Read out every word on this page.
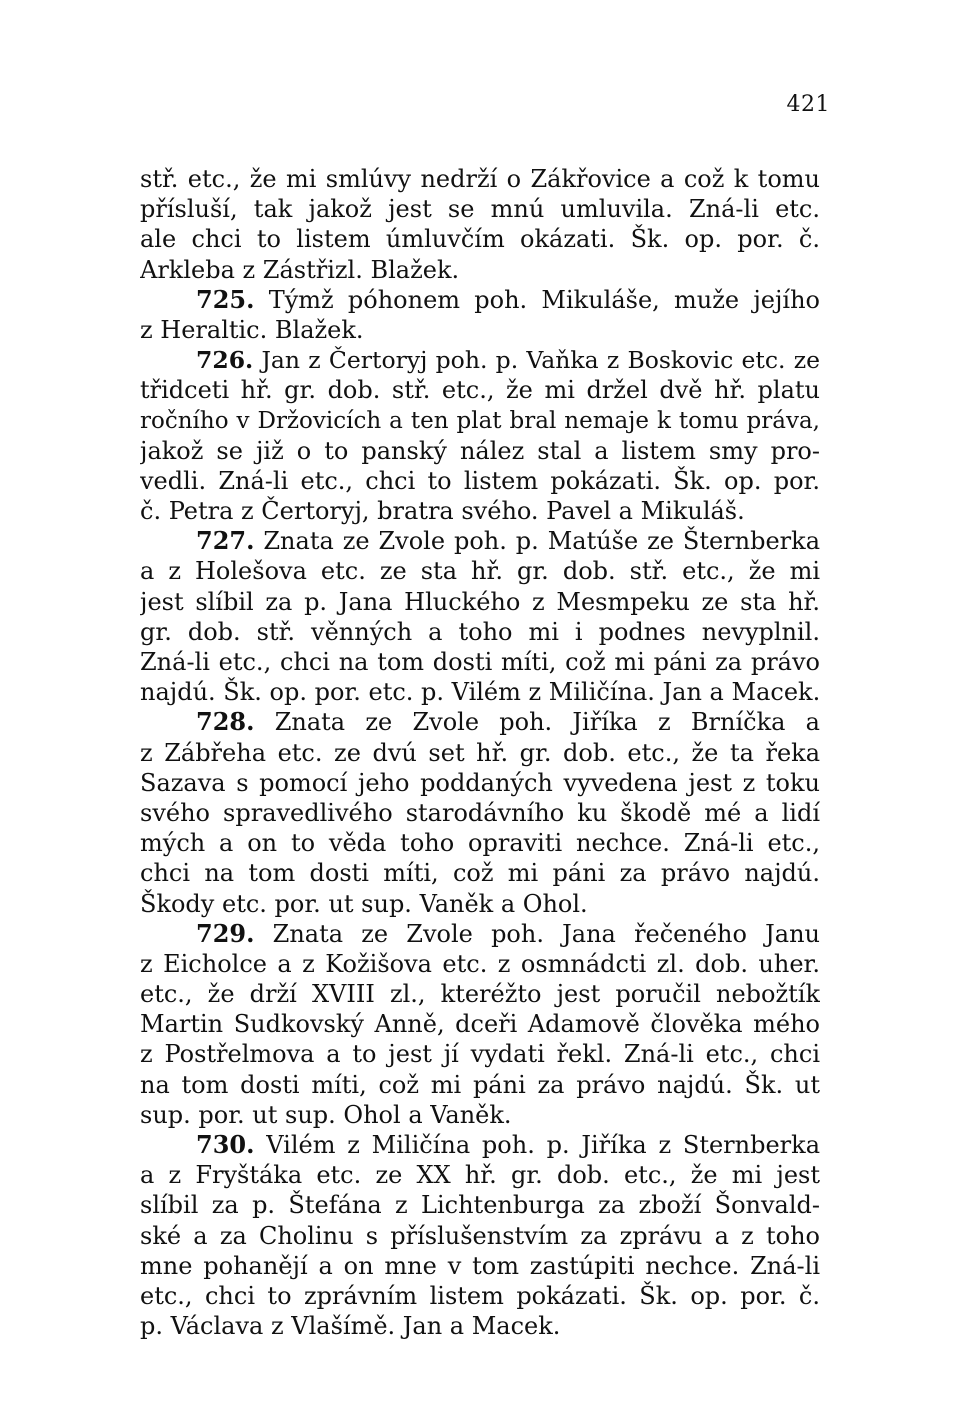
421
stř. etc., že mi smlúvy nedrží o Zákřovice a což k tomu
přísluší, tak jakož jest se mnú umluvila. Zná-li etc.
ale chci to listem úmluvčím okázati. Šk. op. por. č.
Arkleba z Zástřizl. Blažek.
725. Týmž póhonem poh. Mikuláše, muže jejího
z Heraltic. Blažek.
726. Jan z Čertoryj poh. p. Vaňka z Boskovic etc. ze
třidceti hř. gr. dob. stř. etc., že mi držel dvě hř. platu
ročního v Držovicích a ten plat bral nemaje k tomu práva,
jakož se již o to panský nález stal a listem smy pro-
vedli. Zná-li etc., chci to listem pokázati. Šk. op. por.
č. Petra z Čertoryj, bratra svého. Pavel a Mikuláš.
727. Znata ze Zvole poh. p. Matúše ze Šternberka
a z Holešova etc. ze sta hř. gr. dob. stř. etc., že mi
jest slíbil za p. Jana Hluckého z Mesmpeku ze sta hř.
gr. dob. stř. věnných a toho mi i podnes nevyplnil.
Zná-li etc., chci na tom dosti míti, což mi páni za právo
najdú. Šk. op. por. etc. p. Vilém z Miličína. Jan a Macek.
728. Znata ze Zvole poh. Jiříka z Brníčka a
z Zábřeha etc. ze dvú set hř. gr. dob. etc., že ta řeka
Sazava s pomocí jeho poddaných vyvedena jest z toku
svého spravedlivého starodávního ku škodě mé a lidí
mých a on to věda toho opraviti nechce. Zná-li etc.,
chci na tom dosti míti, což mi páni za právo najdú.
Škody etc. por. ut sup. Vaněk a Ohol.
729. Znata ze Zvole poh. Jana řečeného Janu
z Eicholce a z Kožišova etc. z osmnádcti zl. dob. uher.
etc., že drží XVIII zl., kteréžto jest poručil nebožtík
Martin Sudkovský Anně, dceři Adamově člověka mého
z Postřelmova a to jest jí vydati řekl. Zná-li etc., chci
na tom dosti míti, což mi páni za právo najdú. Šk. ut
sup. por. ut sup. Ohol a Vaněk.
730. Vilém z Miličína poh. p. Jiříka z Sternberka
a z Fryštáka etc. ze XX hř. gr. dob. etc., že mi jest
slíbil za p. Štefána z Lichtenburga za zboží Šonvald-
ské a za Cholinu s příslušenstvím za zprávu a z toho
mne pohanějí a on mne v tom zastúpiti nechce. Zná-li
etc., chci to zprávním listem pokázati. Šk. op. por. č.
p. Václava z Vlašímě. Jan a Macek.
